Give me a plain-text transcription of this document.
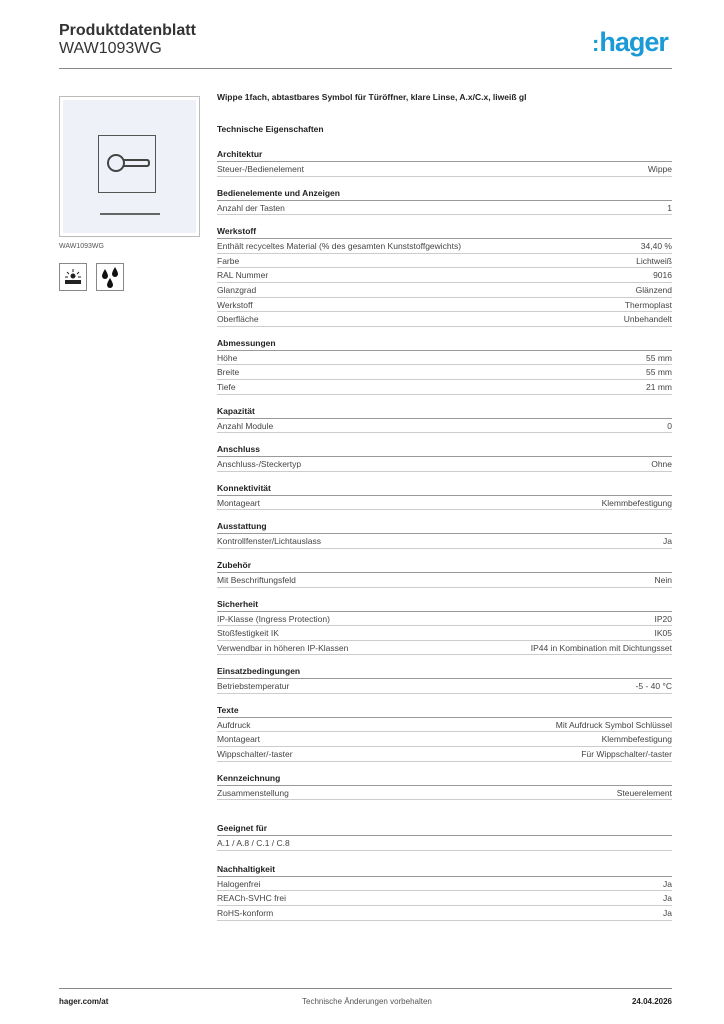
Produktdatenblatt
WAW1093WG	:hager
WAW1093WG
Wippe 1fach, abtastbares Symbol für Türöffner, klare Linse, A.x/C.x, liweiß gl
Technische Eigenschaften
Architektur
Steuer-/Bedienelement	Wippe
Bedienelemente und Anzeigen
Anzahl der Tasten	1
Werkstoff
Enthält recyceltes Material (% des gesamten Kunststoffgewichts)	34,40 %
Farbe	Lichtweiß
RAL Nummer	9016
Glanzgrad	Glänzend
Werkstoff	Thermoplast
Oberfläche	Unbehandelt
Abmessungen
Höhe	55 mm
Breite	55 mm
Tiefe	21 mm
Kapazität
Anzahl Module	0
Anschluss
Anschluss-/Steckertyp	Ohne
Konnektivität
Montageart	Klemmbefestigung
Ausstattung
Kontrollfenster/Lichtauslass	Ja
Zubehör
Mit Beschriftungsfeld	Nein
Sicherheit
IP-Klasse (Ingress Protection)	IP20
Stoßfestigkeit IK	IK05
Verwendbar in höheren IP-Klassen	IP44 in Kombination mit Dichtungsset
Einsatzbedingungen
Betriebstemperatur	-5 - 40 °C
Texte
Aufdruck	Mit Aufdruck Symbol Schlüssel
Montageart	Klemmbefestigung
Wippschalter/-taster	Für Wippschalter/-taster
Kennzeichnung
Zusammenstellung	Steuerelement
Geeignet für
A.1 / A.8 / C.1 / C.8
Nachhaltigkeit
Halogenfrei	Ja
REACh-SVHC frei	Ja
RoHS-konform	Ja
hager.com/at	Technische Änderungen vorbehalten	24.04.2026
